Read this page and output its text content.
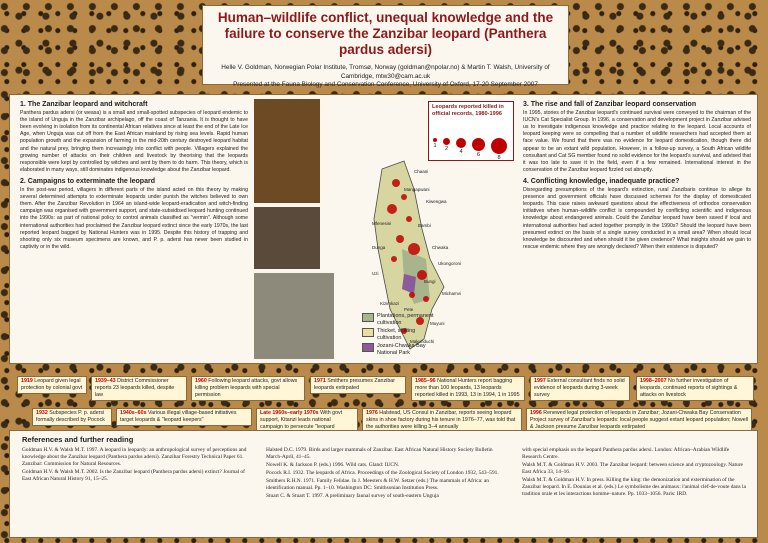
Human–wildlife conflict, unequal knowledge and the failure to conserve the Zanzibar leopard (Panthera pardus adersi)
Helle V. Goldman, Norwegian Polar Institute, Tromsø, Norway (goldman@npolar.no) & Martin T. Walsh, University of Cambridge, mtw30@cam.ac.uk
Presented at the Fauna Biology and Conservation Conference, University of Oxford, 17-20 September 2007
1. The Zanzibar leopard and witchcraft

Panthera pardus adersi (or weasa) is a small and small-spotted subspecies of leopard endemic to the island of Unguja in the Zanzibar archipelago, off the coast of Tanzania. It is thought to have been evolving in isolation from its continental African relatives since at least the end of the Late Ice Age, when Unguja was cut off from the East African mainland by rising sea levels. Rapid human population growth and the expansion of farming in the mid-20th century destroyed leopard habitat and the natural prey, bringing them increasingly into conflict with people. Villagers explained the growing number of attacks on their children and livestock by theorising that the leopards responsible were kept by controlled by witches and sent by them to do harm. This theory, which is elaborated in many ways, still dominates indigenous knowledge about the Zanzibar leopard.

2. Campaigns to exterminate the leopard

In the post-war period, villagers in different parts of the island acted on this theory by making several determined attempts to exterminate leopards under punish the witches believed to own them. After the Zanzibar Revolution in 1964 an island-wide leopard-eradication and witch-finding campaign was organised with government support, and state-subsidised leopard hunting continued into the 1990s: as part of national policy to control animals classified as "vermin". Although some international authorities had proclaimed the Zanzibar leopard extinct since the early 1970s, the last reported leopard bagged by National Hunters was in 1995. Despite this history of trapping and shooting only six museum specimens are known, and P. p. adersi has never been studied in captivity or in the wild.

Chaani
Mangapwani
Kiwengwa
Mfenesini	Bambi
Dunga	Chwaka
Bungi
Uzi
Kizimkazi
Makunduchi
Muyuni
Michamvi
Pete
Ukongoroni
Leopards reported killed in official records, 1980-1996
1	2	4	6	8
Plantations, permanent cultivation
Thicket, shifting cultivation
Jozani-Chwaka Bay National Park
3. The rise and fall of Zanzibar leopard conservation

In 1995, stories of the Zanzibar leopard's continued survival were conveyed to the chairman of the IUCN's Cat Specialist Group. In 1996, a conservation and development project in Zanzibar advised us to investigate indigenous knowledge and practice relating to the leopard. Local accounts of leopard keeping were so compelling that a number of wildlife researchers had accepted them at face value. We found that there was no evidence for leopard domestication, though there did appear to be an extant wild population. However, in a follow-up survey, a South African wildlife consultant and Cat SG member found no solid evidence for the leopard's survival, and advised that it was too late to save it in the field, even if a few remained. International interest in the conservation of the Zanzibar leopard fizzled out abruptly.

4. Conflicting knowledge, inadequate practice?

Disregarding presumptions of the leopard's extinction, rural Zanzibaris continue to allege its presence and government officials have discussed schemes for the display of domesticated leopards. This case raises awkward questions about the effectiveness of orthodox conservation initiatives when human–wildlife conflict is compounded by conflicting scientific and indigenous knowledge about endangered animals. Could the Zanzibar leopard have been saved if local and international authorities had acted together promptly in the 1990s? Should the leopard have been presumed extinct on the basis of a single survey conducted in a small area? When should local knowledge be discounted and when should it be given credence? What insights should we gain to rescue endemic where they are wrongly declared? When their existence is disputed?

1919 Leopard given legal protection by colonial govt
1939–43 District Commissioner reports 23 leopards killed, despite law
1960 Following leopard attacks, govt allows killing problem leopards with special permission
1971 Smithers presumes Zanzibar leopards extirpated
1985–96 National Hunters report bagging more than 100 leopards, 13 leopards reported killed in 1993, 13 in 1994, 1 in 1995
1997 External consultant finds no solid evidence of leopards during 3-week survey
1998–2007 No further investigation of leopards, continued reports of sightings & attacks on livestock
1932 Subspecies P. p. adersi formally described by Pocock
1940s–60s Various illegal village-based initiatives target leopards & "leopard keepers"
Late 1960s–early 1970s With govt support, Kitanzi leads national campaign to persecute "leopard
1976 Halstead, US Consul in Zanzibar, reports seeing leopard skins in shoe factory during his tenure in 1976–77, was told that the authorities were killing 3–4 annually
1996 Renewed legal protection of leopards in Zanzibar; Jozani-Chwaka Bay Conservation Project survey of Zanzibar's leopards: local people suggest extant leopard population; Nowell & Jackson presume Zanzibar leopards extirpated
References and further reading
Goldman H.V. & Walsh M.T. 1997. A leopard in leopardy: an anthropological survey of perceptions and knowledge about the Zanzibar leopard (Panthera pardus adersi). Zanzibar Forestry Technical Paper 61. Zanzibar: Commission for Natural Resources.
Goldman H.V. & Walsh M.T. 2002. Is the Zanzibar leopard (Panthera pardus adersi) extinct? Journal of East African Natural History 91, 15–25.
Halsted D.C. 1979. Birds and larger mammals of Zanzibar. East African Natural History Society Bulletin March-April, 41–45.
Nowell K. & Jackson P. (eds.) 1996. Wild cats. Gland: IUCN.
Pocock R.I. 1932. The leopards of Africa. Proceedings of the Zoological Society of London 1932, 543–591.
Smithers R.H.N. 1971. Family Felidae. In J. Meesters & H.W. Setzer (eds.) The mammals of Africa: an identification manual. Pp. 1–10. Washington DC: Smithsonian Institution Press.
Stuart C. & Stuart T. 1997. A preliminary faunal survey of south-eastern Unguja
with special emphasis on the leopard Panthera pardus adersi. London: African–Arabian Wildlife Research Centre.
Walsh M.T. & Goldman H.V. 2003. The Zanzibar leopard: between science and cryptozoology. Nature East Africa 33, 14–16.
Walsh M.T. & Goldman H.V. In press. Killing the king: the demonization and extermination of the Zanzibar leopard. In E. Dounias et al. (eds.) Le symbolisme des animaux: l'animal clef-de-voute dans la tradition orale et les interactions homme–nature. Pp. 1033–1056. Paris: IRD.
